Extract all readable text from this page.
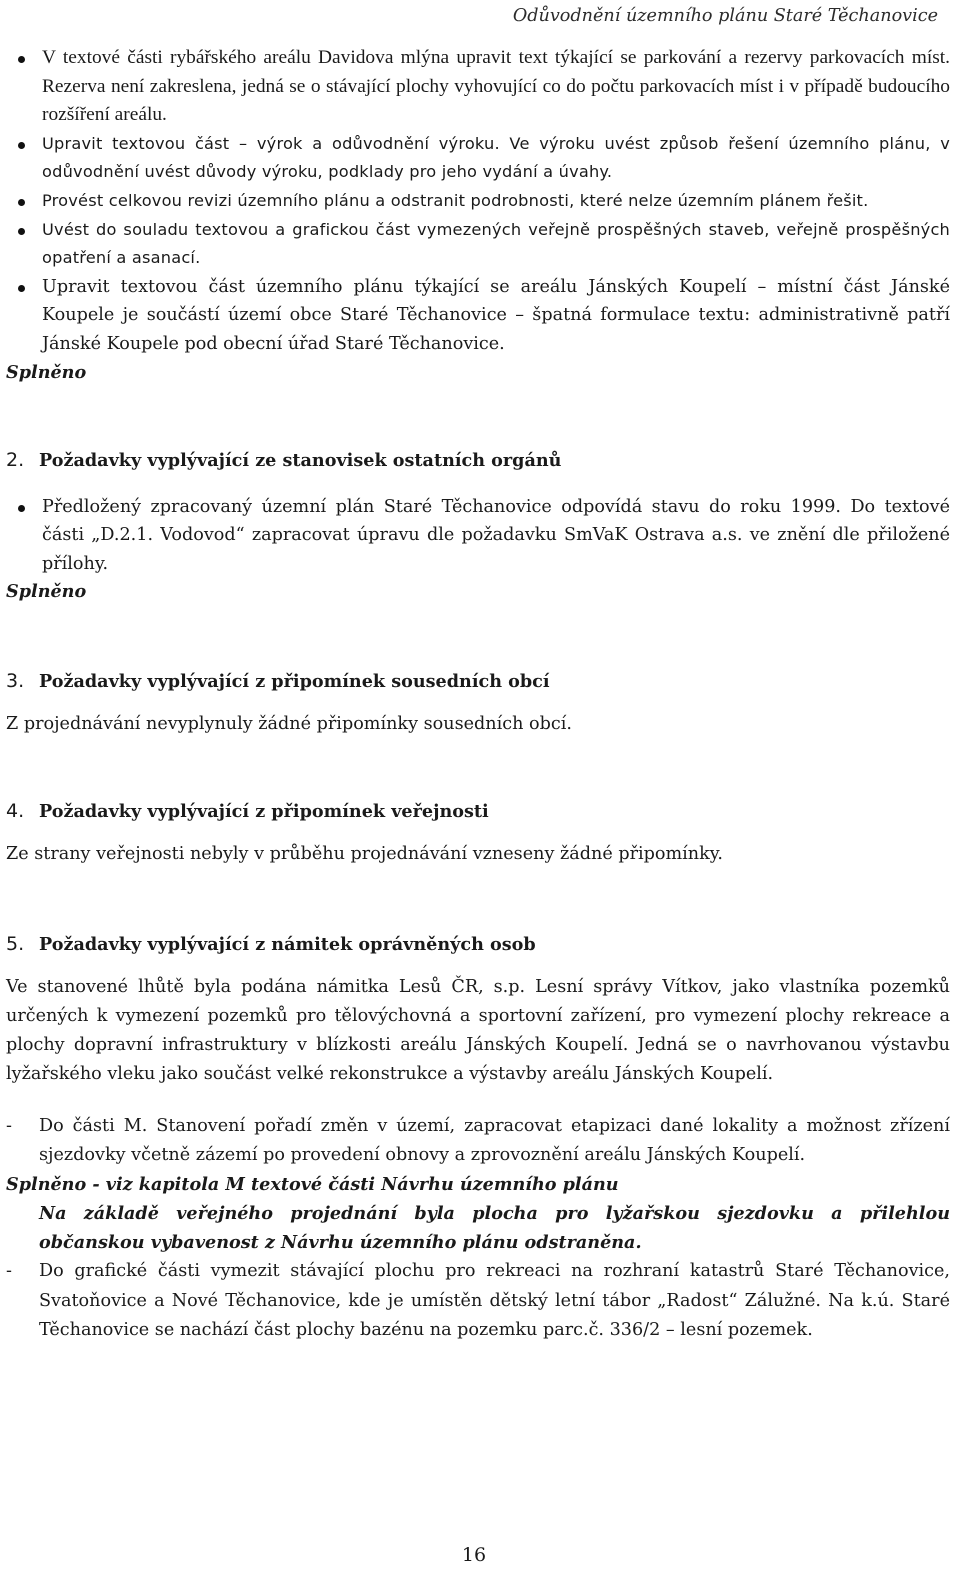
Odůvodnění územního plánu Staré Těchanovice
V textové části rybářského areálu Davidova mlýna upravit text týkající se parkování a rezervy parkovacích míst. Rezerva není zakreslena, jedná se o stávající plochy vyhovující co do počtu parkovacích míst i v případě budoucího rozšíření areálu.
Upravit textovou část – výrok a odůvodnění výroku. Ve výroku uvést způsob řešení územního plánu, v odůvodnění uvést důvody výroku, podklady pro jeho vydání a úvahy.
Provést celkovou revizi územního plánu a odstranit podrobnosti, které nelze územním plánem řešit.
Uvést do souladu textovou a grafickou část vymezených veřejně prospěšných staveb, veřejně prospěšných opatření a asanací.
Upravit textovou část územního plánu týkající se areálu Jánských Koupelí – místní část Jánské Koupele je součástí území obce Staré Těchanovice – špatná formulace textu: administrativně patří Jánské Koupele pod obecní úřad Staré Těchanovice.

Splněno

2. Požadavky vyplývající ze stanovisek ostatních orgánů
Předložený zpracovaný územní plán Staré Těchanovice odpovídá stavu do roku 1999. Do textové části „D.2.1. Vodovod“ zapracovat úpravu dle požadavku SmVaK Ostrava a.s. ve znění dle přiložené přílohy.

Splněno

3. Požadavky vyplývající z připomínek sousedních obcí

Z projednávání nevyplynuly žádné připomínky sousedních obcí.

4. Požadavky vyplývající z připomínek veřejnosti

Ze strany veřejnosti nebyly v průběhu projednávání vzneseny žádné připomínky.

5. Požadavky vyplývající z námitek oprávněných osob

Ve stanovené lhůtě byla podána námitka Lesů ČR, s.p. Lesní správy Vítkov, jako vlastníka pozemků určených k vymezení pozemků pro tělovýchovná a sportovní zařízení, pro vymezení plochy rekreace a plochy dopravní infrastruktury v blízkosti areálu Jánských Koupelí. Jedná se o navrhovanou výstavbu lyžařského vleku jako součást velké rekonstrukce a výstavby areálu Jánských Koupelí.

- Do části M. Stanovení pořadí změn v území, zapracovat etapizaci dané lokality a možnost zřízení sjezdovky včetně zázemí po provedení obnovy a zprovoznění areálu Jánských Koupelí.

Splněno - viz kapitola M textové části Návrhu územního plánu

Na základě veřejného projednání byla plocha pro lyžařskou sjezdovku a přilehlou občanskou vybavenost z Návrhu územního plánu odstraněna.

- Do grafické části vymezit stávající plochu pro rekreaci na rozhraní katastrů Staré Těchanovice, Svatoňovice a Nové Těchanovice, kde je umístěn dětský letní tábor „Radost“ Zálužné. Na k.ú. Staré Těchanovice se nachází část plochy bazénu na pozemku parc.č. 336/2 – lesní pozemek.
16
